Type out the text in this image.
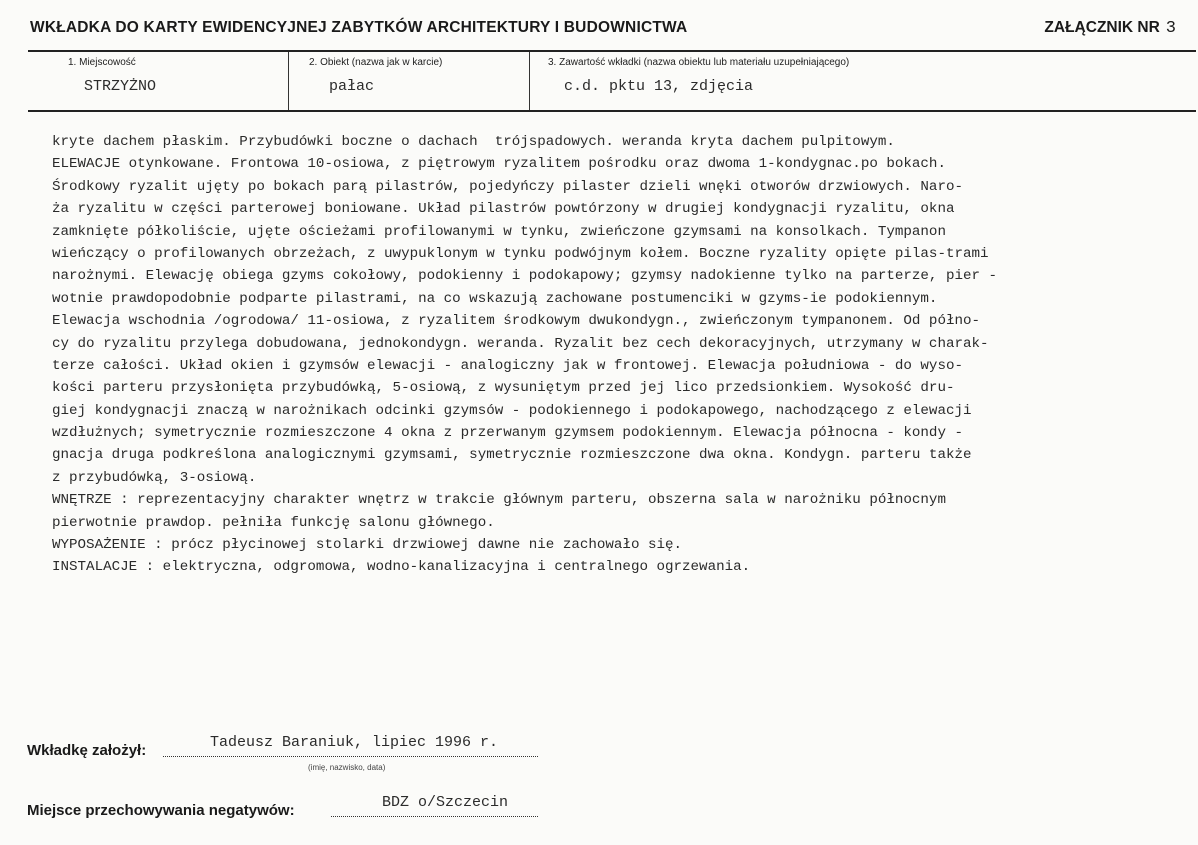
WKŁADKA DO KARTY EWIDENCYJNEJ ZABYTKÓW ARCHITEKTURY I BUDOWNICTWA	ZAŁĄCZNIK NR 3
1. Miejscowość
STRZYŻNO
2. Obiekt (nazwa jak w karcie)
pałac
3. Zawartość wkładki (nazwa obiektu lub materiału uzupełniającego)
c.d. pktu 13, zdjęcia
kryte dachem płaskim. Przybudówki boczne o dachach  trójspadowych. weranda kryta dachem pulpitowym.
ELEWACJE otynkowane. Frontowa 10-osiowa, z piętrowym ryzalitem pośrodku oraz dwoma 1-kondygnac.po bokach.
Środkowy ryzalit ujęty po bokach parą pilastrów, pojedyńczy pilaster dzieli wnęki otworów drzwiowych. Naro-
ża ryzalitu w części parterowej boniowane. Układ pilastrów powtórzony w drugiej kondygnacji ryzalitu, okna
zamknięte półkoliście, ujęte ościeżami profilowanymi w tynku, zwieńczone gzymsami na konsolkach. Tympanon
wieńczący o profilowanych obrzeżach, z uwypuklonym w tynku podwójnym kołem. Boczne ryzality opięte pilas-trami
narożnymi. Elewację obiega gzyms cokołowy, podokienny i podokapowy; gzymsy nadokienne tylko na parterze, pier -
wotnie prawdopodobnie podparte pilastrami, na co wskazują zachowane postumenciki w gzyms-ie podokiennym.
Elewacja wschodnia /ogrodowa/ 11-osiowa, z ryzalitem środkowym dwukondygn., zwieńczonym tympanonem. Od półno-
cy do ryzalitu przylega dobudowana, jednokondygn. weranda. Ryzalit bez cech dekoracyjnych, utrzymany w charak-
terze całości. Układ okien i gzymsów elewacji - analogiczny jak w frontowej. Elewacja południowa - do wyso-
kości parteru przysłonięta przybudówką, 5-osiową, z wysuniętym przed jej lico przedsionkiem. Wysokość dru-
giej kondygnacji znaczą w narożnikach odcinki gzymsów - podokiennego i podokapowego, nachodzącego z elewacji
wzdłużnych; symetrycznie rozmieszczone 4 okna z przerwanym gzymsem podokiennym. Elewacja północna - kondy -
gnacja druga podkreślona analogicznymi gzymsami, symetrycznie rozmieszczone dwa okna. Kondygn. parteru także
z przybudówką, 3-osiową.
WNĘTRZE : reprezentacyjny charakter wnętrz w trakcie głównym parteru, obszerna sala w narożniku północnym
pierwotnie prawdop. pełniła funkcję salonu głównego.
WYPOSAŻENIE : prócz płycinowej stolarki drzwiowej dawne nie zachowało się.
INSTALACJE : elektryczna, odgromowa, wodno-kanalizacyjna i centralnego ogrzewania.
Wkładkę założył:	Tadeusz Baraniuk, lipiec 1996 r.
(imię, nazwisko, data)
Miejsce przechowywania negatywów:	BDZ o/Szczecin
